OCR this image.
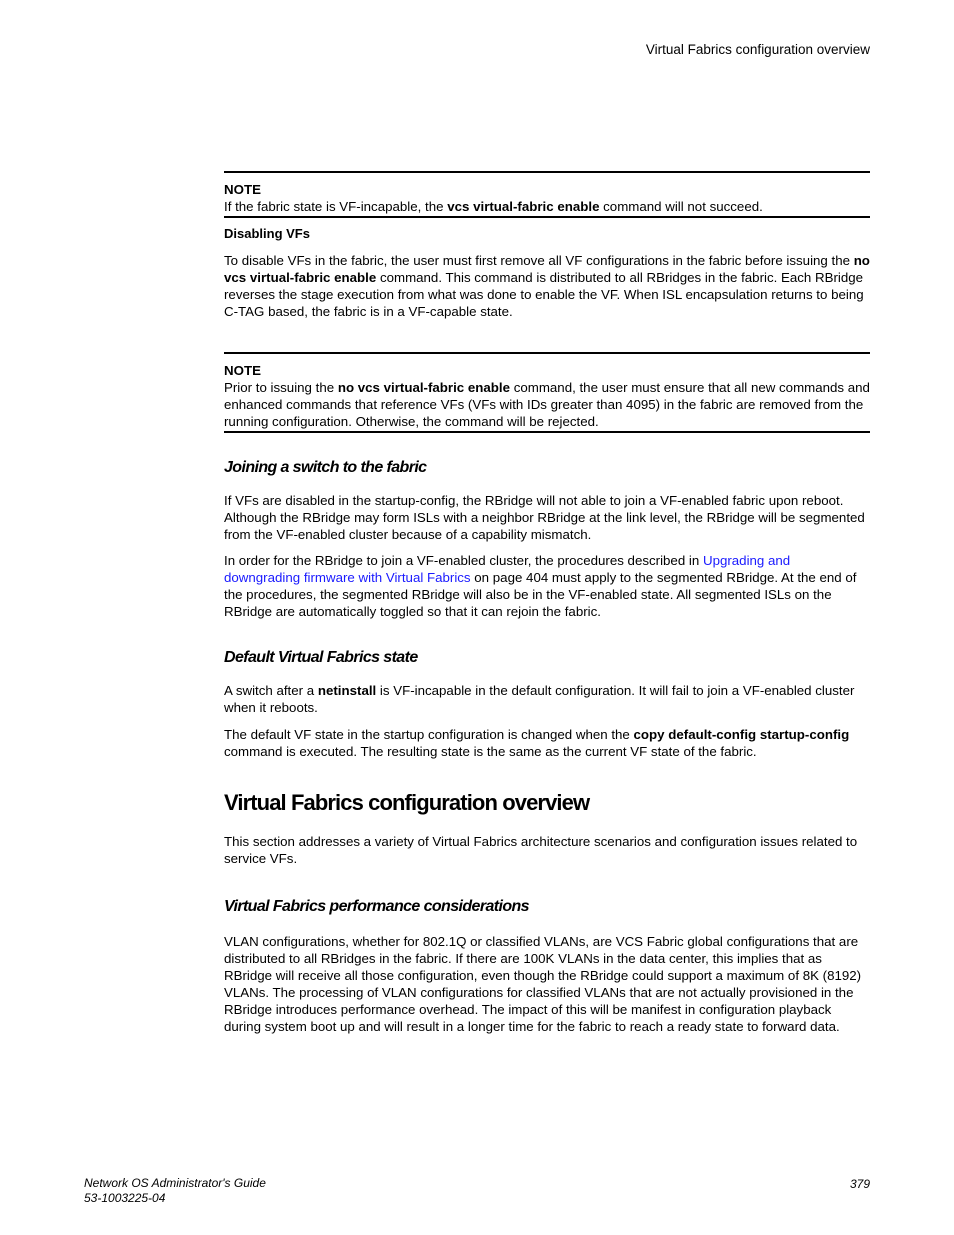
Virtual Fabrics configuration overview
NOTE

If the fabric state is VF-incapable, the vcs virtual-fabric enable command will not succeed.

Disabling VFs

To disable VFs in the fabric, the user must first remove all VF configurations in the fabric before issuing the no vcs virtual-fabric enable command. This command is distributed to all RBridges in the fabric. Each RBridge reverses the stage execution from what was done to enable the VF. When ISL encapsulation returns to being C-TAG based, the fabric is in a VF-capable state.

NOTE

Prior to issuing the no vcs virtual-fabric enable command, the user must ensure that all new commands and enhanced commands that reference VFs (VFs with IDs greater than 4095) in the fabric are removed from the running configuration. Otherwise, the command will be rejected.

Joining a switch to the fabric

If VFs are disabled in the startup-config, the RBridge will not able to join a VF-enabled fabric upon reboot. Although the RBridge may form ISLs with a neighbor RBridge at the link level, the RBridge will be segmented from the VF-enabled cluster because of a capability mismatch.

In order for the RBridge to join a VF-enabled cluster, the procedures described in Upgrading and downgrading firmware with Virtual Fabrics on page 404 must apply to the segmented RBridge. At the end of the procedures, the segmented RBridge will also be in the VF-enabled state. All segmented ISLs on the RBridge are automatically toggled so that it can rejoin the fabric.

Default Virtual Fabrics state

A switch after a netinstall is VF-incapable in the default configuration. It will fail to join a VF-enabled cluster when it reboots.

The default VF state in the startup configuration is changed when the copy default-config startup-config command is executed. The resulting state is the same as the current VF state of the fabric.

Virtual Fabrics configuration overview

This section addresses a variety of Virtual Fabrics architecture scenarios and configuration issues related to service VFs.

Virtual Fabrics performance considerations

VLAN configurations, whether for 802.1Q or classified VLANs, are VCS Fabric global configurations that are distributed to all RBridges in the fabric. If there are 100K VLANs in the data center, this implies that as RBridge will receive all those configuration, even though the RBridge could support a maximum of 8K (8192) VLANs. The processing of VLAN configurations for classified VLANs that are not actually provisioned in the RBridge introduces performance overhead. The impact of this will be manifest in configuration playback during system boot up and will result in a longer time for the fabric to reach a ready state to forward data.

Network OS Administrator's Guide
53-1003225-04
379
